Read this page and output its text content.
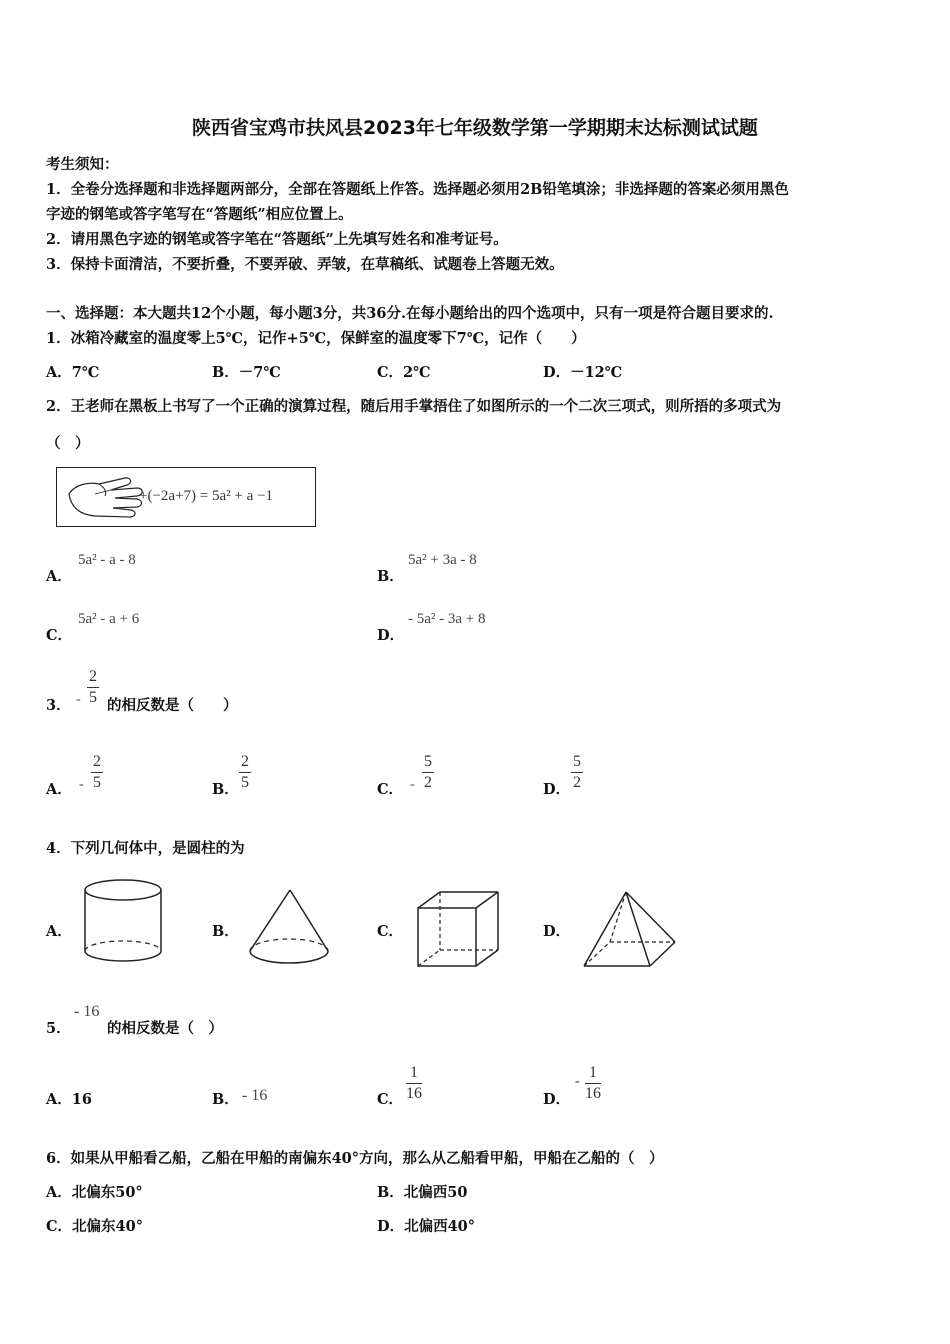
陕西省宝鸡市扶风县2023年七年级数学第一学期期末达标测试试题
考生须知：
1．全卷分选择题和非选择题两部分，全部在答题纸上作答。选择题必须用2B铅笔填涂；非选择题的答案必须用黑色
字迹的钢笔或答字笔写在“答题纸”相应位置上。
2．请用黑色字迹的钢笔或答字笔在“答题纸”上先填写姓名和准考证号。
3．保持卡面清洁，不要折叠，不要弄破、弄皱，在草稿纸、试题卷上答题无效。
一、选择题：本大题共12个小题，每小题3分，共36分.在每小题给出的四个选项中，只有一项是符合题目要求的.
1．冰箱冷藏室的温度零上5℃，记作+5℃，保鲜室的温度零下7℃，记作（　　）
A．7℃	B．－7℃	C．2℃	D．－12℃
2．王老师在黑板上书写了一个正确的演算过程，随后用手掌捂住了如图所示的一个二次三项式，则所捂的多项式为
（　）
+(−2a+7) = 5a² + a −1
A．
5a² - a - 8
B．
5a² + 3a - 8
C．
5a² - a + 6
D．
- 5a² - 3a + 8
3． - $\frac{2}{5}$ 的相反数是（　　）
A． - $\frac{2}{5}$	B． $\frac{2}{5}$	C． - $\frac{5}{2}$	D． $\frac{5}{2}$
4．下列几何体中，是圆柱的为
A．	B．	C．	D．
5．
- 16
的相反数是（　）
A．16	B． - 16	C． $\frac{1}{16}$	D．
- $\frac{1}{16}$
6．如果从甲船看乙船，乙船在甲船的南偏东40°方向，那么从乙船看甲船，甲船在乙船的（　）
A．北偏东50°	B．北偏西50
C．北偏东40°	D．北偏西40°
